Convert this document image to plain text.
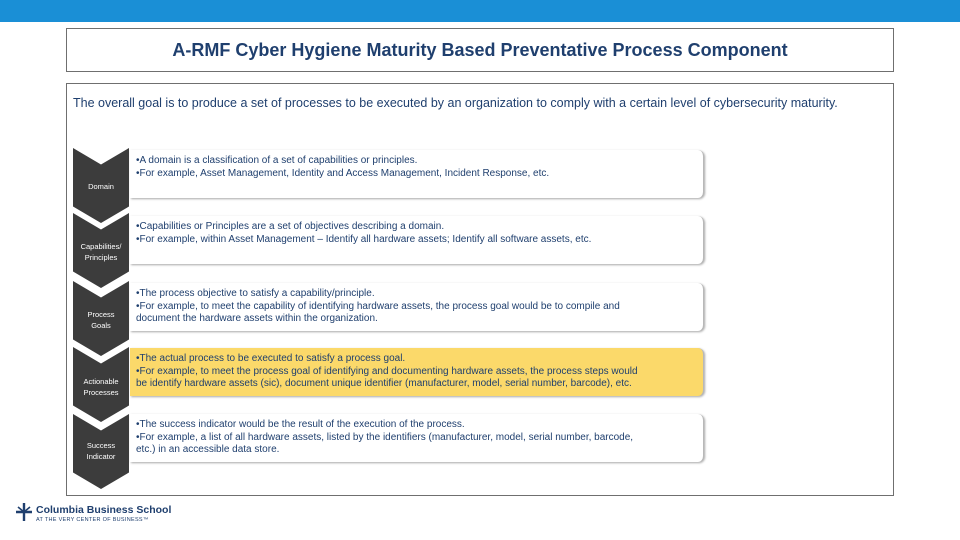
A-RMF Cyber Hygiene Maturity Based Preventative Process Component

The overall goal is to produce a set of processes to be executed by an organization to comply with a certain level of cybersecurity maturity.

Domain
•A domain is a classification of a set of capabilities or principles.
•For example, Asset Management, Identity and Access Management, Incident Response, etc.
Capabilities/
Principles
•Capabilities or Principles are a set of objectives describing a domain.
•For example, within Asset Management – Identify all hardware assets; Identify all software assets, etc.
Process
Goals
•The process objective to satisfy a capability/principle.
•For example, to meet the capability of identifying hardware assets, the process goal would be to compile and
document the hardware assets within the organization.
Actionable
Processes
•The actual process to be executed to satisfy a process goal.
•For example, to meet the process goal of identifying and documenting hardware assets, the process steps would
be identify hardware assets (sic), document unique identifier (manufacturer, model, serial number, barcode), etc.
Success
Indicator
•The success indicator would be the result of the execution of the process.
•For example, a list of all hardware assets, listed by the identifiers (manufacturer, model, serial number, barcode,
etc.) in an accessible data store.
Columbia Business School
AT THE VERY CENTER OF BUSINESS™
